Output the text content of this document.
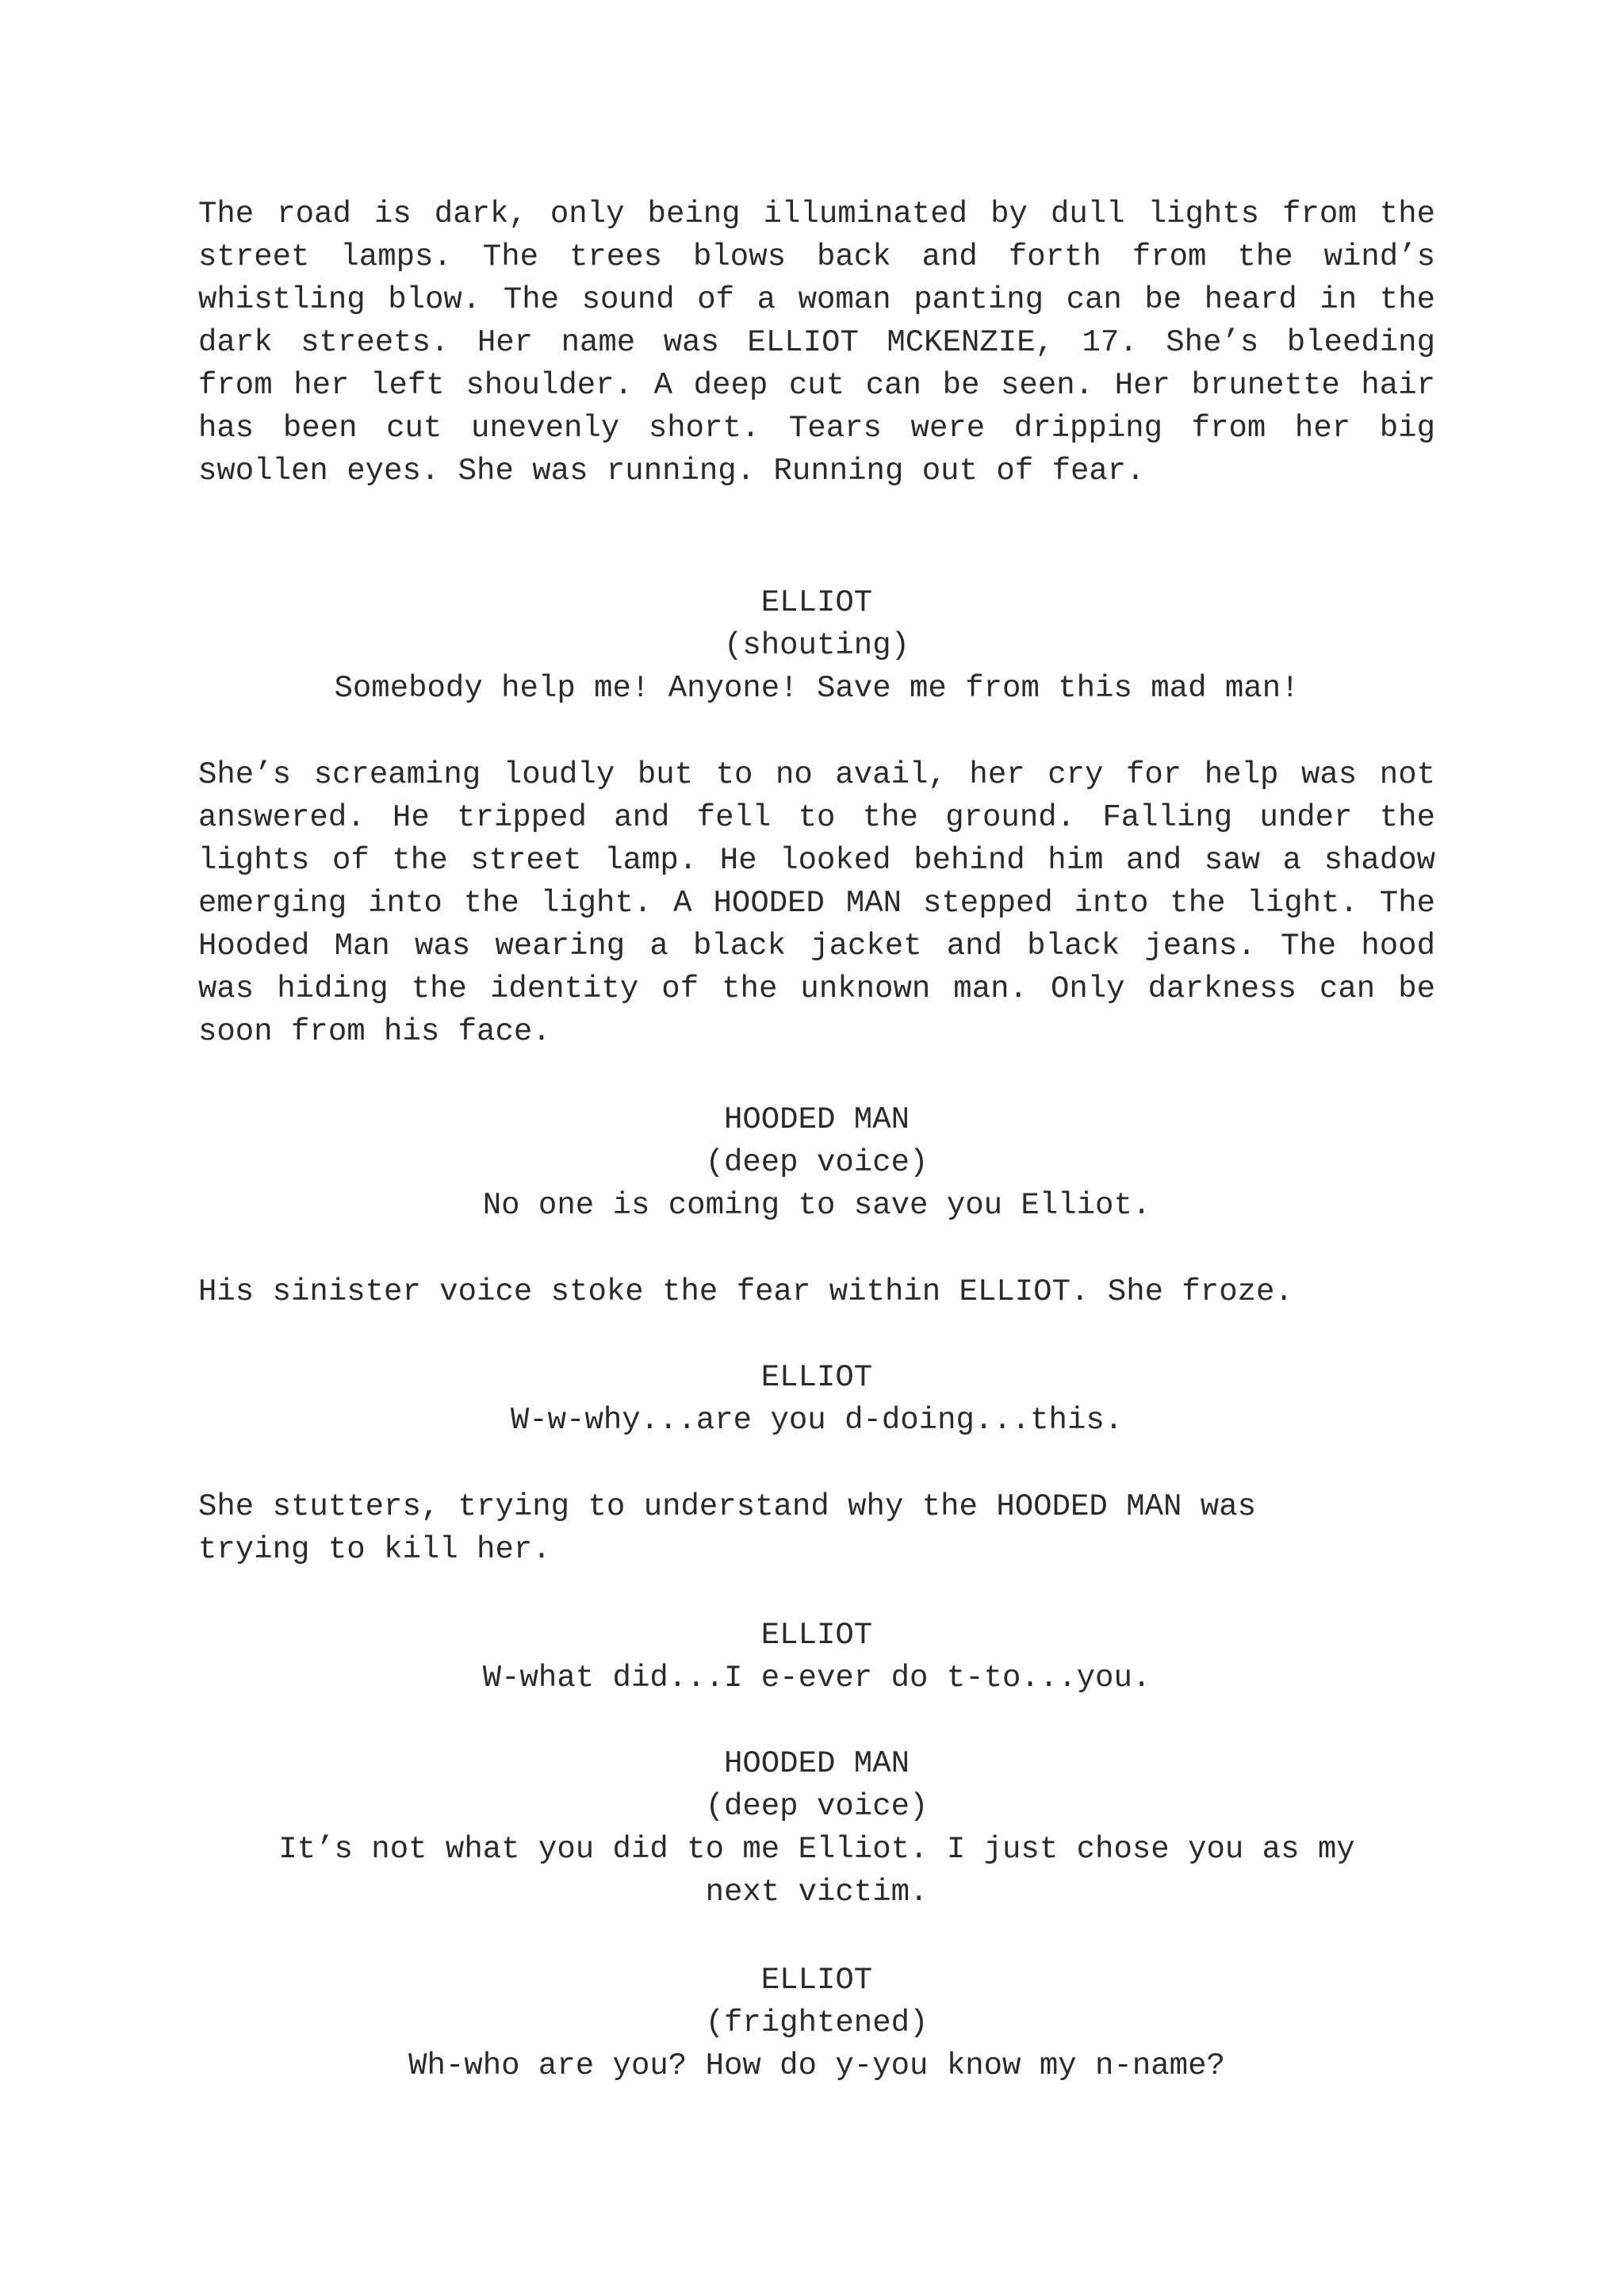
The road is dark, only being illuminated by dull lights from the street lamps. The trees blows back and forth from the wind’s whistling blow. The sound of a woman panting can be heard in the dark streets. Her name was ELLIOT MCKENZIE, 17. She’s bleeding from her left shoulder. A deep cut can be seen. Her brunette hair has been cut unevenly short. Tears were dripping from her big swollen eyes. She was running. Running out of fear.

ELLIOT
(shouting)
Somebody help me! Anyone! Save me from this mad man!

She’s screaming loudly but to no avail, her cry for help was not answered. He tripped and fell to the ground. Falling under the lights of the street lamp. He looked behind him and saw a shadow emerging into the light. A HOODED MAN stepped into the light. The Hooded Man was wearing a black jacket and black jeans. The hood was hiding the identity of the unknown man. Only darkness can be soon from his face.

HOODED MAN
(deep voice)
No one is coming to save you Elliot.

His sinister voice stoke the fear within ELLIOT. She froze.

ELLIOT
W-w-why...are you d-doing...this.
She stutters, trying to understand why the HOODED MAN was
trying to kill her.
ELLIOT
W-what did...I e-ever do t-to...you.
HOODED MAN
(deep voice)
It’s not what you did to me Elliot. I just chose you as my
next victim.
ELLIOT
(frightened)
Wh-who are you? How do y-you know my n-name?
